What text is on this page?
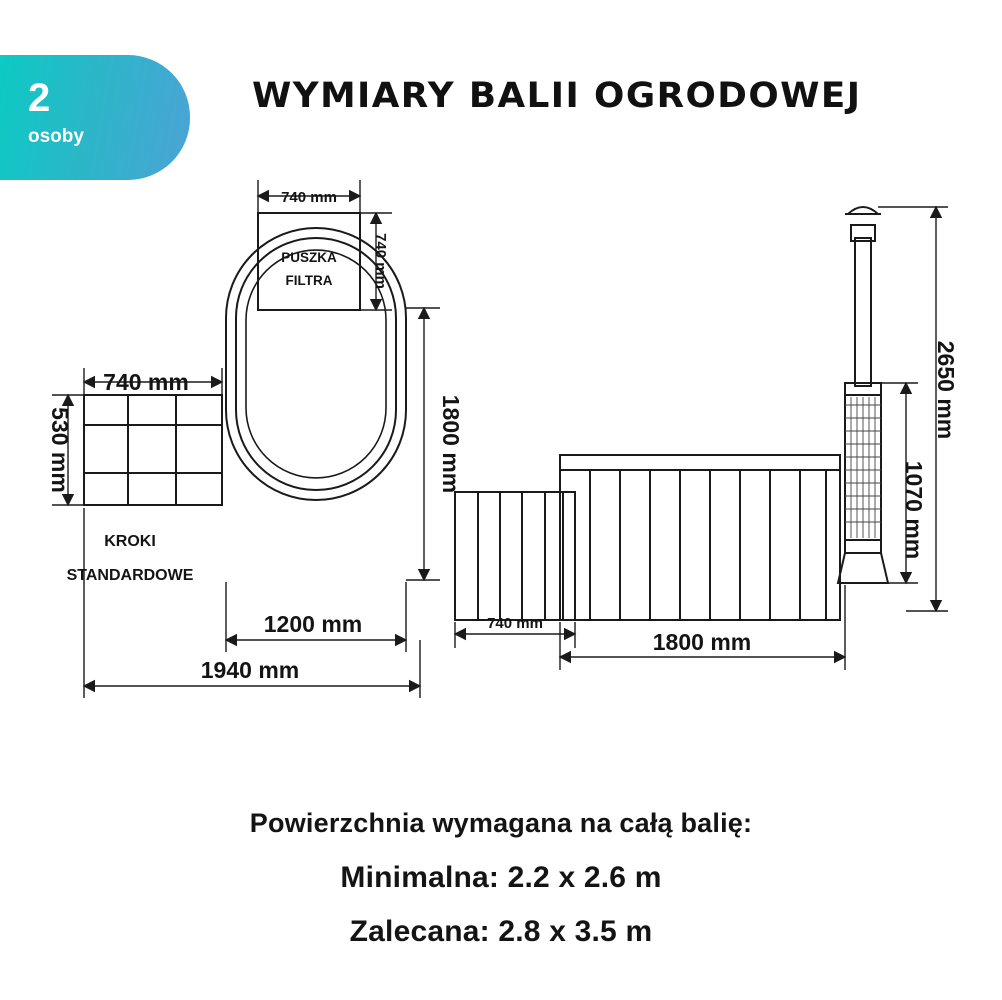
2
osoby
WYMIARY BALII OGRODOWEJ
PUSZKA
FILTRA
KROKI
STANDARDOWE
740 mm
740 mm
1800 mm
740 mm
530 mm
1200 mm
1940 mm
740 mm
1800 mm
1070 mm
2650 mm
Powierzchnia wymagana na całą balię:
Minimalna: 2.2 x 2.6 m
Zalecana: 2.8 x 3.5 m
